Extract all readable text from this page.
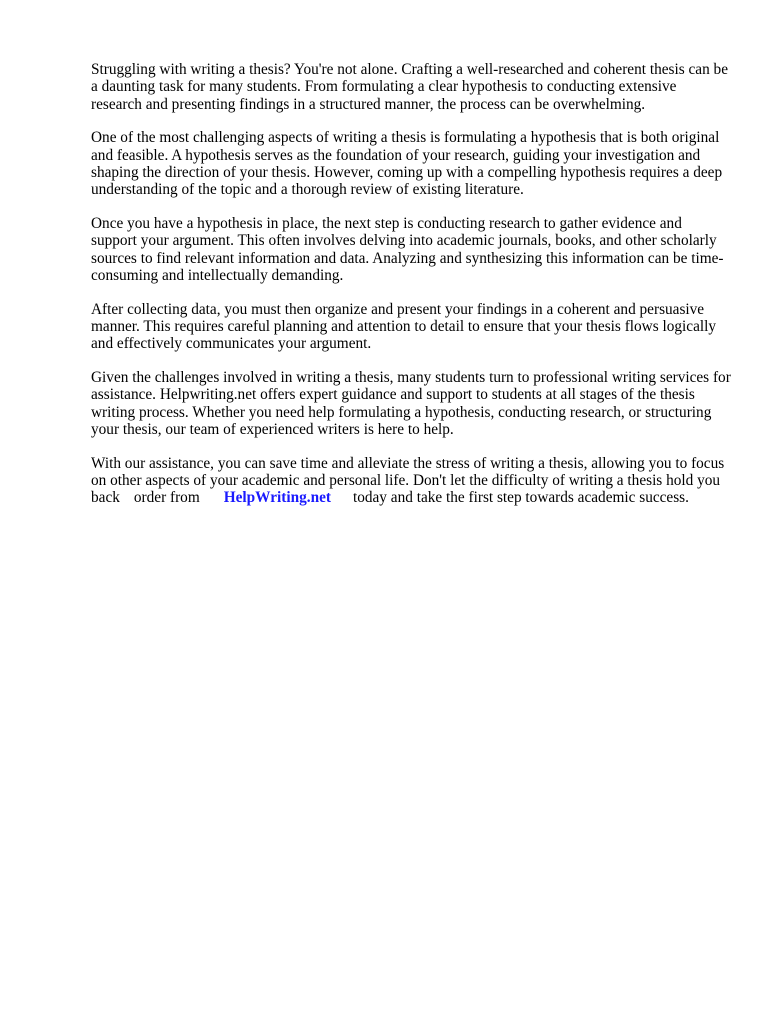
Struggling with writing a thesis? You're not alone. Crafting a well-researched and coherent thesis can be a daunting task for many students. From formulating a clear hypothesis to conducting extensive research and presenting findings in a structured manner, the process can be overwhelming.

One of the most challenging aspects of writing a thesis is formulating a hypothesis that is both original and feasible. A hypothesis serves as the foundation of your research, guiding your investigation and shaping the direction of your thesis. However, coming up with a compelling hypothesis requires a deep understanding of the topic and a thorough review of existing literature.

Once you have a hypothesis in place, the next step is conducting research to gather evidence and support your argument. This often involves delving into academic journals, books, and other scholarly sources to find relevant information and data. Analyzing and synthesizing this information can be time-consuming and intellectually demanding.

After collecting data, you must then organize and present your findings in a coherent and persuasive manner. This requires careful planning and attention to detail to ensure that your thesis flows logically and effectively communicates your argument.

Given the challenges involved in writing a thesis, many students turn to professional writing services for assistance. Helpwriting.net offers expert guidance and support to students at all stages of the thesis writing process. Whether you need help formulating a hypothesis, conducting research, or structuring your thesis, our team of experienced writers is here to help.

With our assistance, you can save time and alleviate the stress of writing a thesis, allowing you to focus on other aspects of your academic and personal life. Don't let the difficulty of writing a thesis hold you back order from HelpWriting.net today and take the first step towards academic success.
